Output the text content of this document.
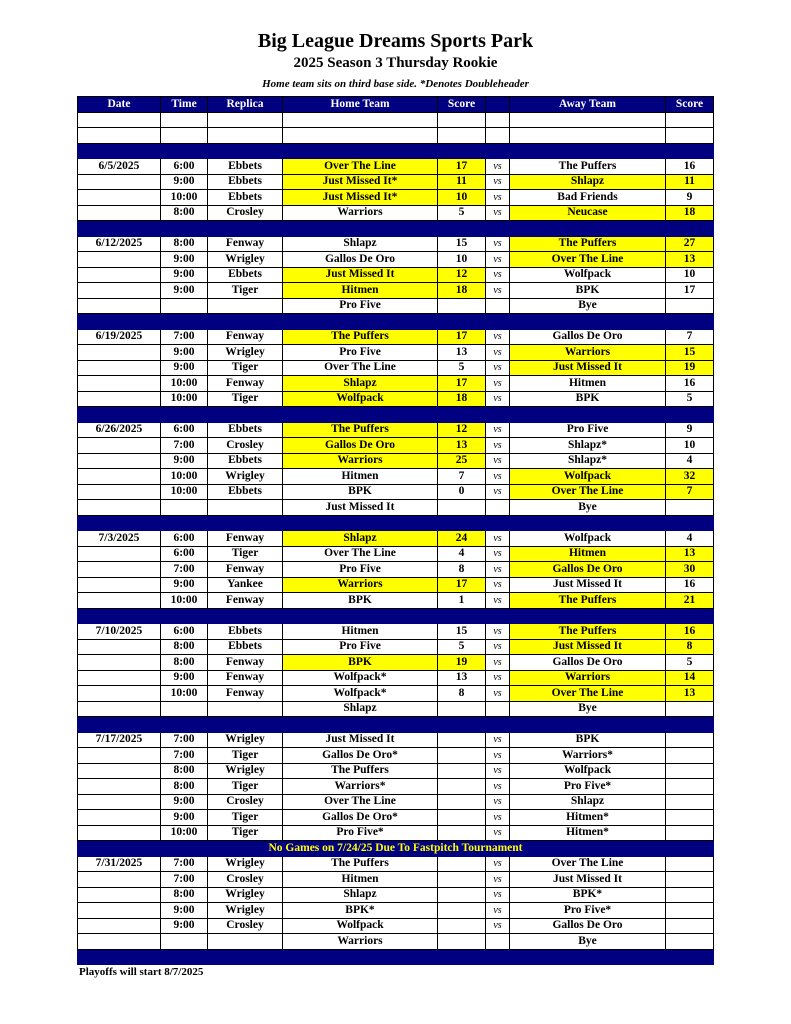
Big League Dreams Sports Park
2025 Season 3 Thursday Rookie
Home team sits on third base side. *Denotes Doubleheader
Date	Time	Replica	Home Team	Score		Away Team	Score

6/5/2025	6:00	Ebbets	Over The Line	17	vs	The Puffers	16
	9:00	Ebbets	Just Missed It*	11	vs	Shlapz	11
	10:00	Ebbets	Just Missed It*	10	vs	Bad Friends	9
	8:00	Crosley	Warriors	5	vs	Neucase	18

6/12/2025	8:00	Fenway	Shlapz	15	vs	The Puffers	27
	9:00	Wrigley	Gallos De Oro	10	vs	Over The Line	13
	9:00	Ebbets	Just Missed It	12	vs	Wolfpack	10
	9:00	Tiger	Hitmen	18	vs	BPK	17
			Pro Five			Bye	

6/19/2025	7:00	Fenway	The Puffers	17	vs	Gallos De Oro	7
	9:00	Wrigley	Pro Five	13	vs	Warriors	15
	9:00	Tiger	Over The Line	5	vs	Just Missed It	19
	10:00	Fenway	Shlapz	17	vs	Hitmen	16
	10:00	Tiger	Wolfpack	18	vs	BPK	5

6/26/2025	6:00	Ebbets	The Puffers	12	vs	Pro Five	9
	7:00	Crosley	Gallos De Oro	13	vs	Shlapz*	10
	9:00	Ebbets	Warriors	25	vs	Shlapz*	4
	10:00	Wrigley	Hitmen	7	vs	Wolfpack	32
	10:00	Ebbets	BPK	0	vs	Over The Line	7
			Just Missed It			Bye	

7/3/2025	6:00	Fenway	Shlapz	24	vs	Wolfpack	4
	6:00	Tiger	Over The Line	4	vs	Hitmen	13
	7:00	Fenway	Pro Five	8	vs	Gallos De Oro	30
	9:00	Yankee	Warriors	17	vs	Just Missed It	16
	10:00	Fenway	BPK	1	vs	The Puffers	21

7/10/2025	6:00	Ebbets	Hitmen	15	vs	The Puffers	16
	8:00	Ebbets	Pro Five	5	vs	Just Missed It	8
	8:00	Fenway	BPK	19	vs	Gallos De Oro	5
	9:00	Fenway	Wolfpack*	13	vs	Warriors	14
	10:00	Fenway	Wolfpack*	8	vs	Over The Line	13
			Shlapz			Bye	

7/17/2025	7:00	Wrigley	Just Missed It		vs	BPK	
	7:00	Tiger	Gallos De Oro*		vs	Warriors*	
	8:00	Wrigley	The Puffers		vs	Wolfpack	
	8:00	Tiger	Warriors*		vs	Pro Five*	
	9:00	Crosley	Over The Line		vs	Shlapz	
	9:00	Tiger	Gallos De Oro*		vs	Hitmen*	
	10:00	Tiger	Pro Five*		vs	Hitmen*	
No Games on 7/24/25 Due To Fastpitch Tournament							
7/31/2025	7:00	Wrigley	The Puffers		vs	Over The Line	
	7:00	Crosley	Hitmen		vs	Just Missed It	
	8:00	Wrigley	Shlapz		vs	BPK*	
	9:00	Wrigley	BPK*		vs	Pro Five*	
	9:00	Crosley	Wolfpack		vs	Gallos De Oro	
			Warriors			Bye	

Playoffs will start 8/7/2025
